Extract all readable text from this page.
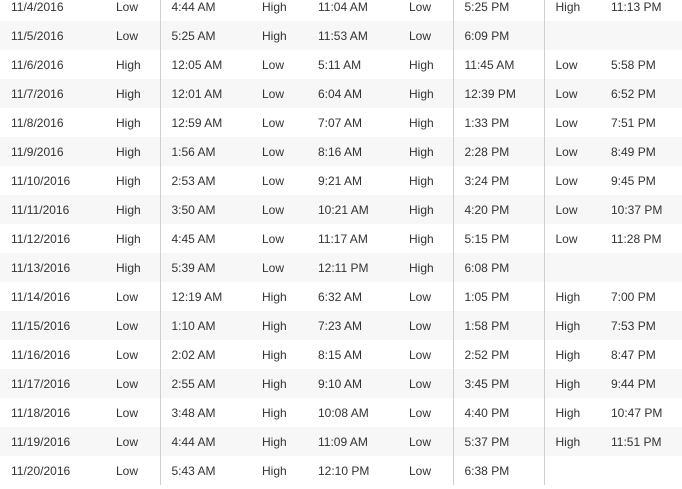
11/4/2016	Low	4:44 AM	High	11:04 AM	Low	5:25 PM	High	11:13 PM
11/5/2016	Low	5:25 AM	High	11:53 AM	Low	6:09 PM		
11/6/2016	High	12:05 AM	Low	5:11 AM	High	11:45 AM	Low	5:58 PM
11/7/2016	High	12:01 AM	Low	6:04 AM	High	12:39 PM	Low	6:52 PM
11/8/2016	High	12:59 AM	Low	7:07 AM	High	1:33 PM	Low	7:51 PM
11/9/2016	High	1:56 AM	Low	8:16 AM	High	2:28 PM	Low	8:49 PM
11/10/2016	High	2:53 AM	Low	9:21 AM	High	3:24 PM	Low	9:45 PM
11/11/2016	High	3:50 AM	Low	10:21 AM	High	4:20 PM	Low	10:37 PM
11/12/2016	High	4:45 AM	Low	11:17 AM	High	5:15 PM	Low	11:28 PM
11/13/2016	High	5:39 AM	Low	12:11 PM	High	6:08 PM		
11/14/2016	Low	12:19 AM	High	6:32 AM	Low	1:05 PM	High	7:00 PM
11/15/2016	Low	1:10 AM	High	7:23 AM	Low	1:58 PM	High	7:53 PM
11/16/2016	Low	2:02 AM	High	8:15 AM	Low	2:52 PM	High	8:47 PM
11/17/2016	Low	2:55 AM	High	9:10 AM	Low	3:45 PM	High	9:44 PM
11/18/2016	Low	3:48 AM	High	10:08 AM	Low	4:40 PM	High	10:47 PM
11/19/2016	Low	4:44 AM	High	11:09 AM	Low	5:37 PM	High	11:51 PM
11/20/2016	Low	5:43 AM	High	12:10 PM	Low	6:38 PM		
